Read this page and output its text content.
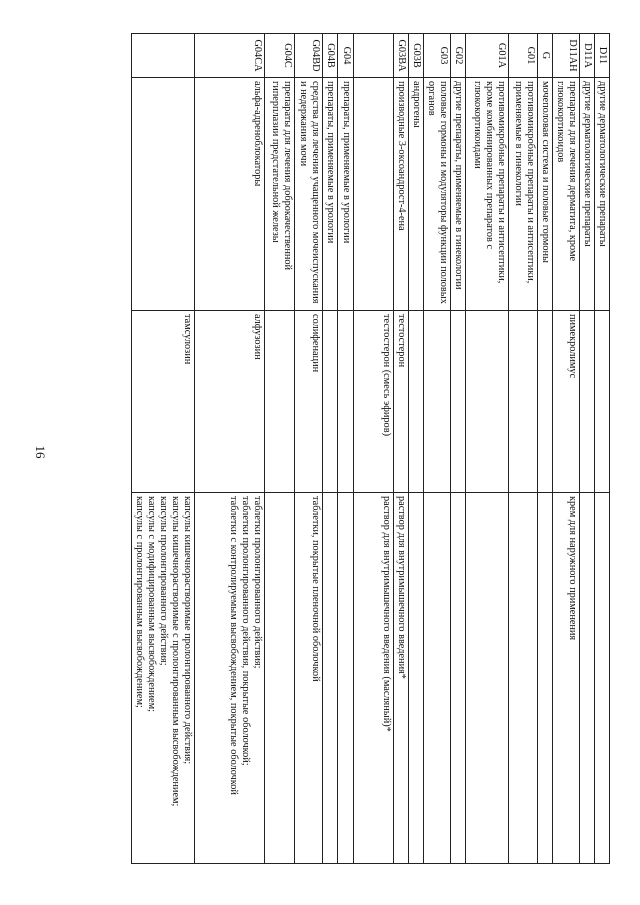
16
D11	другие дерматологические препараты		
D11A	другие дерматологические препараты		
D11AH	препараты для лечения дерматита, кроме глюкокортикоидов	пимекролимус	крем для наружного применения
G	мочеполовая система и половые гормоны		
G01	противомикробные препараты и антисептики, применяемые в гинекологии		
G01A	противомикробные препараты и антисептики, кроме комбинированных препаратов с глюкокортикоидами		
G02	другие препараты, применяемые в гинекологии		
G03	половые гормоны и модуляторы функции половых органов		
G03B	андрогены		
G03BA	производные 3-оксоандрост-4-ена	тестостерон	раствор для внутримышечного введения*
		тестостерон (смесь эфиров)	раствор для внутримышечного введения (масляный)*
G04	препараты, применяемые в урологии		
G04B	препараты, применяемые в урологии		
G04BD	средства для лечения учащенного мочеиспускания и недержания мочи	солифенацин	таблетки, покрытые пленочной оболочкой
G04C	препараты для лечения доброкачественной гиперплазии предстательной железы		
G04CA	альфа-адреноблокаторы	алфузозин	таблетки пролонгированного действия;
таблетки пролонгированного действия, покрытые оболочкой;
таблетки с контролируемым высвобождением, покрытые оболочкой
		тамсулозин	капсулы кишечнорастворимые пролонгированного действия;
капсулы кишечнорастворимые с пролонгированным высвобождением;
капсулы пролонгированного действия;
капсулы с модифицированным высвобождением;
капсулы с пролонгированным высвобождением;
